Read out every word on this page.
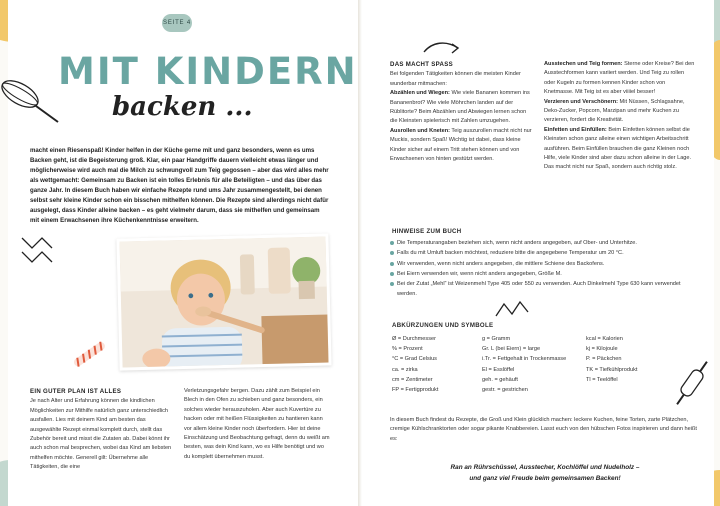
SEITE 4
MIT KINDERN
backen ...
macht einen Riesenspaß! Kinder helfen in der Küche gerne mit und ganz besonders, wenn es ums Backen geht, ist die Begeisterung groß. Klar, ein paar Handgriffe dauern vielleicht etwas länger und möglicherweise wird auch mal die Milch zu schwungvoll zum Teig gegossen – aber das wird alles mehr als wettgemacht: Gemeinsam zu Backen ist ein tolles Erlebnis für alle Beteiligten – und das über das ganze Jahr. In diesem Buch haben wir einfache Rezepte rund ums Jahr zusammengestellt, bei denen selbst sehr kleine Kinder schon ein bisschen mithelfen können. Die Rezepte sind allerdings nicht dafür ausgelegt, dass Kinder alleine backen – es geht vielmehr darum, dass sie mithelfen und gemeinsam mit einem Erwachsenen ihre Küchenkenntnisse erweitern.
EIN GUTER PLAN IST ALLES

Je nach Alter und Erfahrung können die kindlichen Möglichkeiten zur Mithilfe natürlich ganz unterschiedlich ausfallen. Lies mit deinem Kind am besten das ausgewählte Rezept einmal komplett durch, stellt das Zubehör bereit und misst die Zutaten ab. Dabei könnt ihr auch schon mal besprechen, wobei das Kind am liebsten mithelfen möchte. Generell gilt: Übernehme alle Tätigkeiten, die eine

Verletzungsgefahr bergen. Dazu zählt zum Beispiel ein Blech in den Ofen zu schieben und ganz besonders, ein solches wieder herauszuholen. Aber auch Kuvertüre zu hacken oder mit heißen Flüssigkeiten zu hantieren kann vor allem kleine Kinder noch überfordern. Hier ist deine Einschätzung und Beobachtung gefragt, denn du weißt am besten, was dein Kind kann, wo es Hilfe benötigt und wo du komplett übernehmen musst.

DAS MACHT SPASS

Bei folgenden Tätigkeiten können die meisten Kinder wunderbar mitmachen:

Abzählen und Wiegen: Wie viele Bananen kommen ins Bananenbrot? Wie viele Möhrchen landen auf der Rüblitorte? Beim Abzählen und Abwiegen lernen schon die Kleinsten spielerisch mit Zahlen umzugehen.

Ausrollen und Kneten: Teig auszurollen macht nicht nur Muckis, sondern Spaß! Wichtig ist dabei, dass kleine Kinder sicher auf einem Tritt stehen können und von Erwachsenen von hinten gestützt werden.

Ausstechen und Teig formen: Sterne oder Kreise? Bei den Ausstechformen kann variiert werden. Und Teig zu rollen oder Kugeln zu formen kennen Kinder schon von Knetmasse. Mit Teig ist es aber viiiiel besser!

Verzieren und Verschönern: Mit Nüssen, Schlagsahne, Deko-Zucker, Popcorn, Marzipan und mehr Kuchen zu verzieren, fordert die Kreativität.

Einfetten und Einfüllen: Beim Einfetten können selbst die Kleinsten schon ganz alleine einen wichtigen Arbeitsschritt ausführen. Beim Einfüllen brauchen die ganz Kleinen noch Hilfe, viele Kinder sind aber dazu schon alleine in der Lage. Das macht nicht nur Spaß, sondern auch richtig stolz.

HINWEISE ZUM BUCH
Die Temperaturangaben beziehen sich, wenn nicht anders angegeben, auf Ober- und Unterhitze.
Falls du mit Umluft backen möchtest, reduziere bitte die angegebene Temperatur um 20 °C.
Wir verwenden, wenn nicht anders angegeben, die mittlere Schiene des Backofens.
Bei Eiern verwenden wir, wenn nicht anders angegeben, Größe M.
Bei der Zutat „Mehl“ ist Weizenmehl Type 405 oder 550 zu verwenden. Auch Dinkelmehl Type 630 kann verwendet werden.
ABKÜRZUNGEN UND SYMBOLE
Ø = Durchmesser	g = Gramm	kcal = Kalorien
% = Prozent	Gr. L (bei Eiern) = large	kj = Kilojoule
°C = Grad Celsius	i.Tr. = Fettgehalt in Trockenmasse	P. = Päckchen
ca. = zirka	El = Esslöffel	TK = Tiefkühlprodukt
cm = Zentimeter	geh. = gehäuft	Tl = Teelöffel
FP = Fertigprodukt	gestr. = gestrichen
In diesem Buch findest du Rezepte, die Groß und Klein glücklich machen: leckere Kuchen, feine Torten, zarte Plätzchen, cremige Kühlschranktorten oder sogar pikante Knabbereien. Lasst euch von den hübschen Fotos inspirieren und dann heißt es:
Ran an Rührschüssel, Ausstecher, Kochlöffel und Nudelholz –
und ganz viel Freude beim gemeinsamen Backen!
